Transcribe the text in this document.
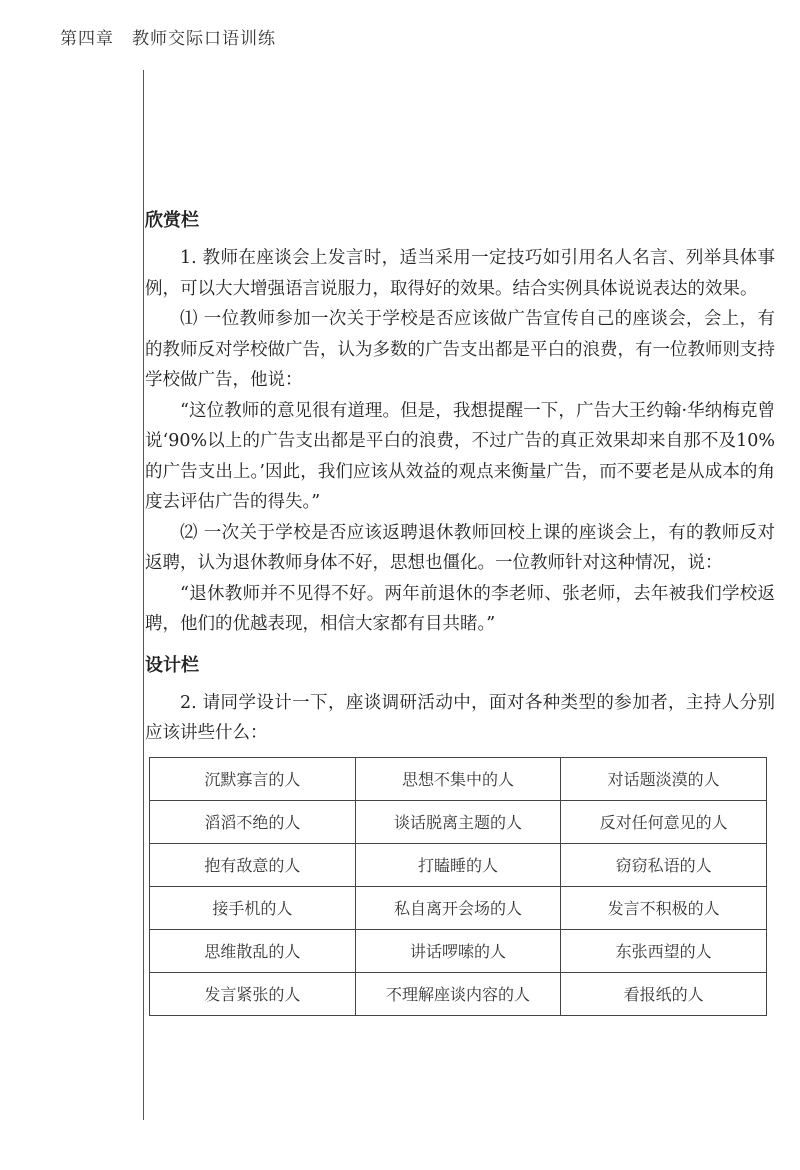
第四章 教师交际口语训练
欣赏栏

1. 教师在座谈会上发言时，适当采用一定技巧如引用名人名言、列举具体事例，可以大大增强语言说服力，取得好的效果。结合实例具体说说表达的效果。

⑴ 一位教师参加一次关于学校是否应该做广告宣传自己的座谈会，会上，有的教师反对学校做广告，认为多数的广告支出都是平白的浪费，有一位教师则支持学校做广告，他说：

“这位教师的意见很有道理。但是，我想提醒一下，广告大王约翰·华纳梅克曾说‘90%以上的广告支出都是平白的浪费，不过广告的真正效果却来自那不及10%的广告支出上。’因此，我们应该从效益的观点来衡量广告，而不要老是从成本的角度去评估广告的得失。”

⑵ 一次关于学校是否应该返聘退休教师回校上课的座谈会上，有的教师反对返聘，认为退休教师身体不好，思想也僵化。一位教师针对这种情况，说：

“退休教师并不见得不好。两年前退休的李老师、张老师，去年被我们学校返聘，他们的优越表现，相信大家都有目共睹。”

设计栏

2. 请同学设计一下，座谈调研活动中，面对各种类型的参加者，主持人分别应该讲些什么：

沉默寡言的人	思想不集中的人	对话题淡漠的人
滔滔不绝的人	谈话脱离主题的人	反对任何意见的人
抱有敌意的人	打瞌睡的人	窃窃私语的人
接手机的人	私自离开会场的人	发言不积极的人
思维散乱的人	讲话啰嗦的人	东张西望的人
发言紧张的人	不理解座谈内容的人	看报纸的人
